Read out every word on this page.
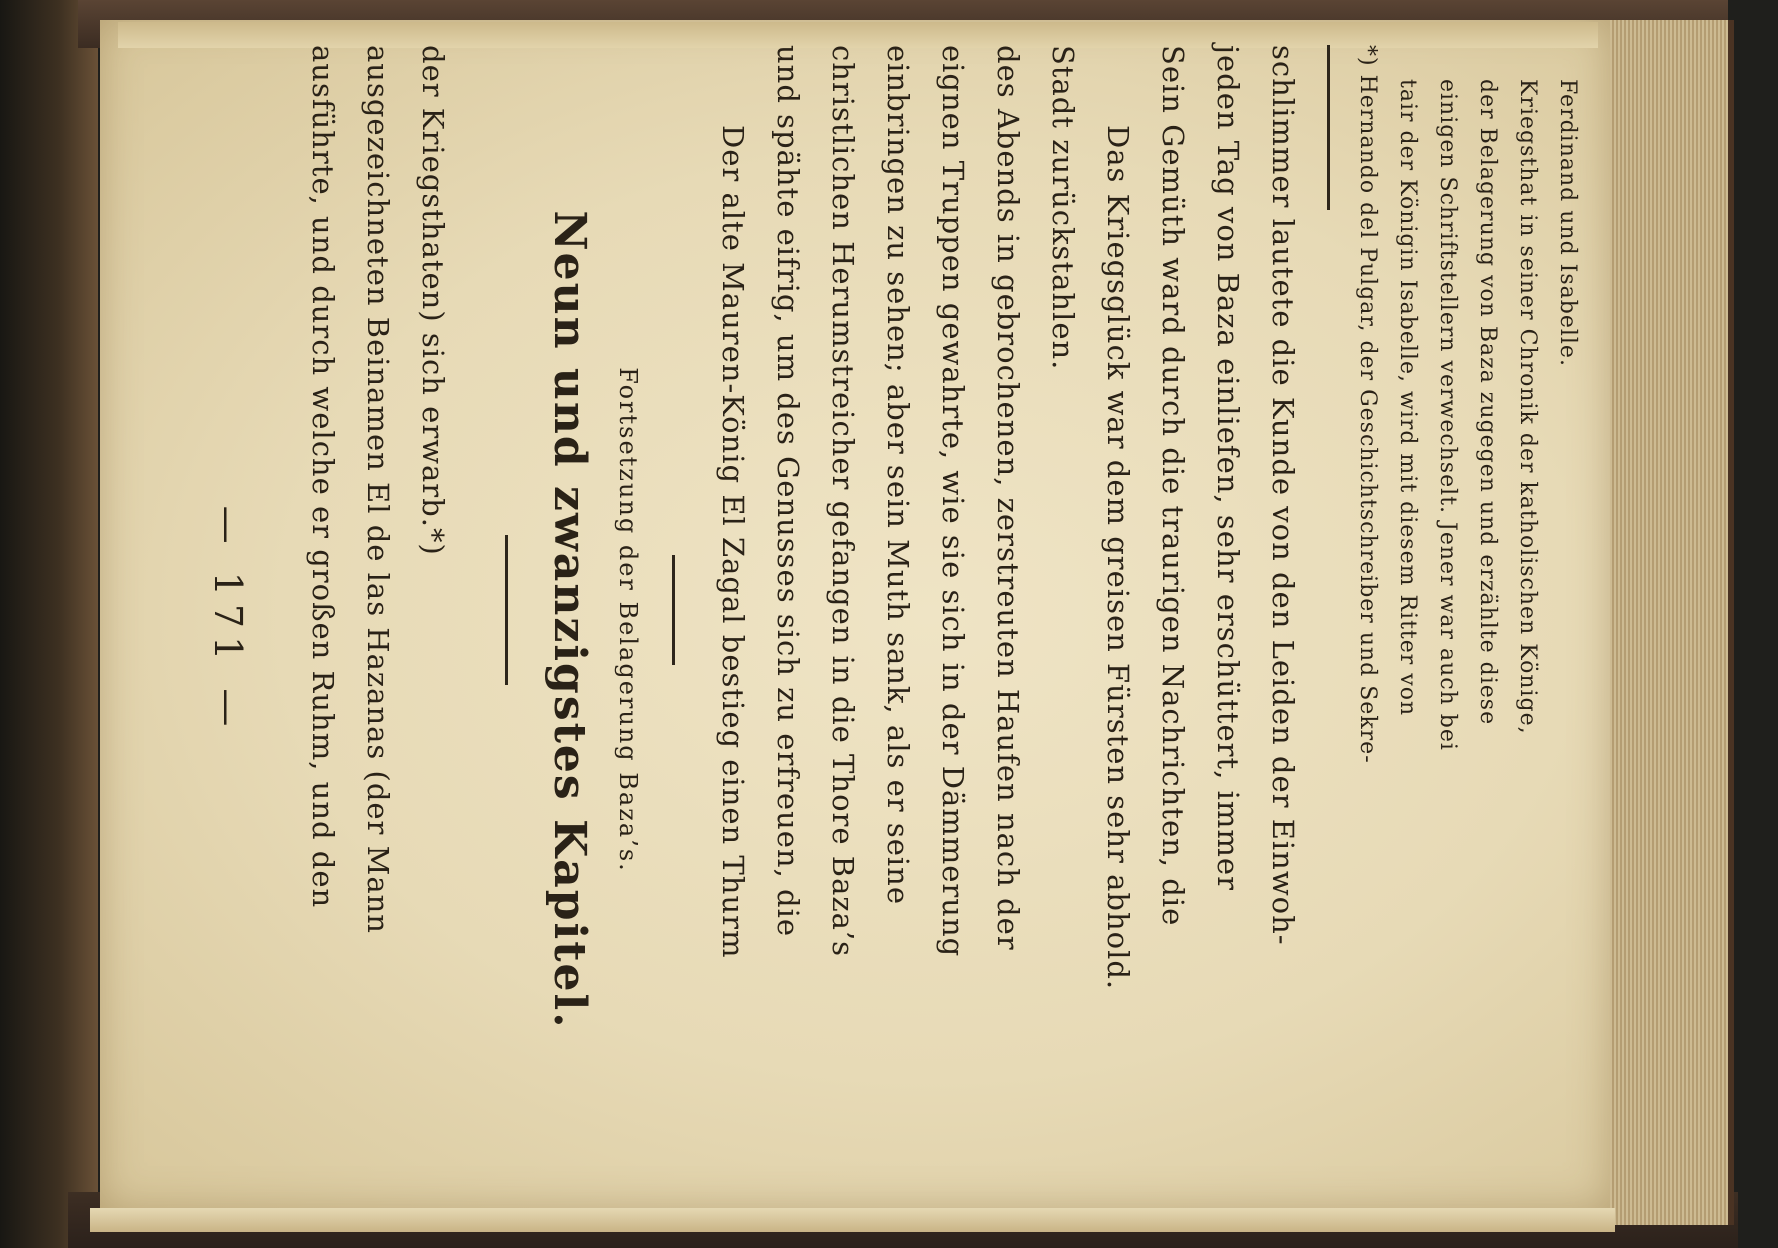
— 171 — ausführte, und durch welche er großen Ruhm, und den ausgezeichneten Beinamen El de las Hazanas (der Mann der Kriegsthaten) sich erwarb.*) Neun und zwanzigstes Kapitel. Fortsetzung der Belagerung Baza’s.	Der alte Mauren-König El Zagal bestieg einen Thurm und spähte eifrig, um des Genusses sich zu erfreuen, die christlichen Herumstreicher gefangen in die Thore Baza’s einbringen zu sehen; aber sein Muth sank, als er seine eignen Truppen gewahrte, wie sie sich in der Dämmerung des Abends in gebrochenen, zerstreuten Haufen nach der Stadt zurückstahlen. Das Kriegsglück war dem greisen Fürsten sehr abhold. Sein Gemüth ward durch die traurigen Nachrichten, die jeden Tag von Baza einliefen, sehr erschüttert, immer schlimmer lautete die Kunde von den Leiden der Einwoh-	*) Hernando del Pulgar, der Geschichtschreiber und Sekre- tair der Königin Isabelle, wird mit diesem Ritter von einigen Schriftstellern verwechselt. Jener war auch bei der Belagerung von Baza zugegen und erzählte diese Kriegsthat in seiner Chronik der katholischen Könige, Ferdinand und Isabelle.
